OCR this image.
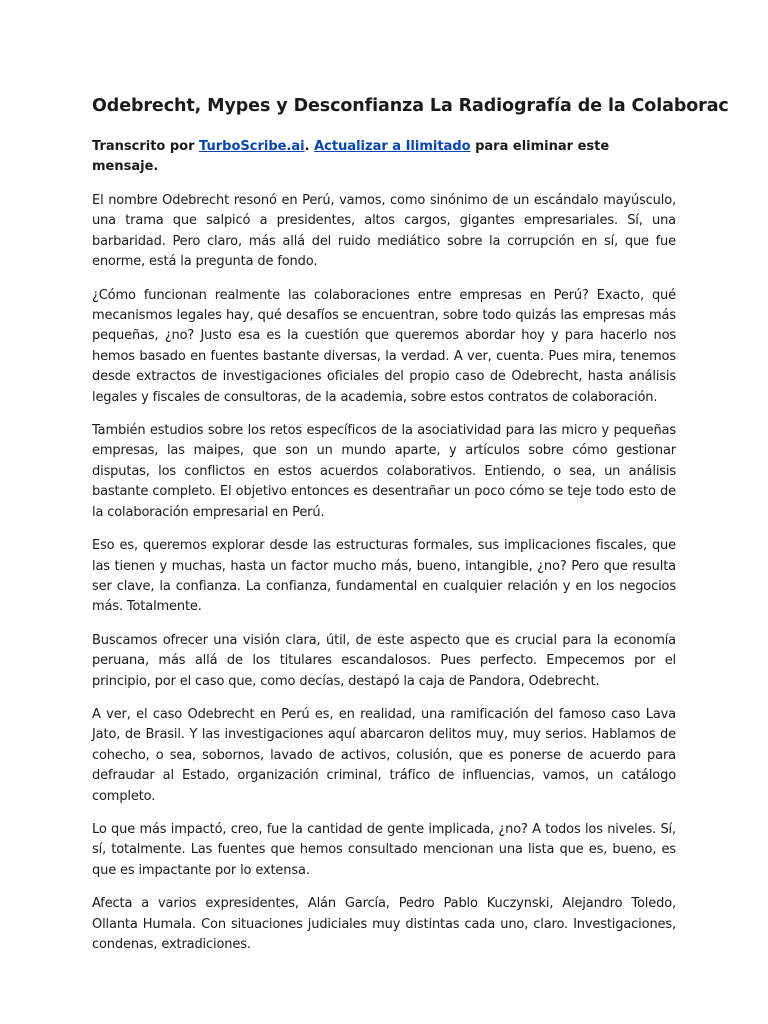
Odebrecht, Mypes y Desconfianza La Radiografía de la Colaborac
Transcrito por TurboScribe.ai. Actualizar a Ilimitado para eliminar este mensaje.

El nombre Odebrecht resonó en Perú, vamos, como sinónimo de un escándalo mayúsculo, una trama que salpicó a presidentes, altos cargos, gigantes empresariales. Sí, una barbaridad. Pero claro, más allá del ruido mediático sobre la corrupción en sí, que fue enorme, está la pregunta de fondo.

¿Cómo funcionan realmente las colaboraciones entre empresas en Perú? Exacto, qué mecanismos legales hay, qué desafíos se encuentran, sobre todo quizás las empresas más pequeñas, ¿no? Justo esa es la cuestión que queremos abordar hoy y para hacerlo nos hemos basado en fuentes bastante diversas, la verdad. A ver, cuenta. Pues mira, tenemos desde extractos de investigaciones oficiales del propio caso de Odebrecht, hasta análisis legales y fiscales de consultoras, de la academia, sobre estos contratos de colaboración.

También estudios sobre los retos específicos de la asociatividad para las micro y pequeñas empresas, las maipes, que son un mundo aparte, y artículos sobre cómo gestionar disputas, los conflictos en estos acuerdos colaborativos. Entiendo, o sea, un análisis bastante completo. El objetivo entonces es desentrañar un poco cómo se teje todo esto de la colaboración empresarial en Perú.

Eso es, queremos explorar desde las estructuras formales, sus implicaciones fiscales, que las tienen y muchas, hasta un factor mucho más, bueno, intangible, ¿no? Pero que resulta ser clave, la confianza. La confianza, fundamental en cualquier relación y en los negocios más. Totalmente.

Buscamos ofrecer una visión clara, útil, de este aspecto que es crucial para la economía peruana, más allá de los titulares escandalosos. Pues perfecto. Empecemos por el principio, por el caso que, como decías, destapó la caja de Pandora, Odebrecht.

A ver, el caso Odebrecht en Perú es, en realidad, una ramificación del famoso caso Lava Jato, de Brasil. Y las investigaciones aquí abarcaron delitos muy, muy serios. Hablamos de cohecho, o sea, sobornos, lavado de activos, colusión, que es ponerse de acuerdo para defraudar al Estado, organización criminal, tráfico de influencias, vamos, un catálogo completo.

Lo que más impactó, creo, fue la cantidad de gente implicada, ¿no? A todos los niveles. Sí, sí, totalmente. Las fuentes que hemos consultado mencionan una lista que es, bueno, es que es impactante por lo extensa.

Afecta a varios expresidentes, Alán García, Pedro Pablo Kuczynski, Alejandro Toledo, Ollanta Humala. Con situaciones judiciales muy distintas cada uno, claro. Investigaciones, condenas, extradiciones.
